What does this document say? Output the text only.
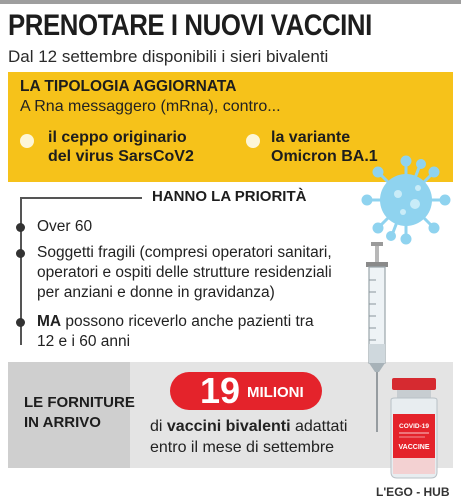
PRENOTARE I NUOVI VACCINI
Dal 12 settembre disponibili i sieri bivalenti
LA TIPOLOGIA AGGIORNATA
A Rna messaggero (mRna), contro...
il ceppo originario
del virus SarsCoV2
la variante
Omicron BA.1
HANNO LA PRIORITÀ
Over 60
Soggetti fragili (compresi operatori sanitari,
operatori e ospiti delle strutture residenziali
per anziani e donne in gravidanza)
MA possono riceverlo anche pazienti tra
12 e i 60 anni
LE FORNITURE
IN ARRIVO
19 MILIONI
di vaccini bivalenti adattati
entro il mese di settembre
COVID-19
VACCINE
L'EGO - HUB
